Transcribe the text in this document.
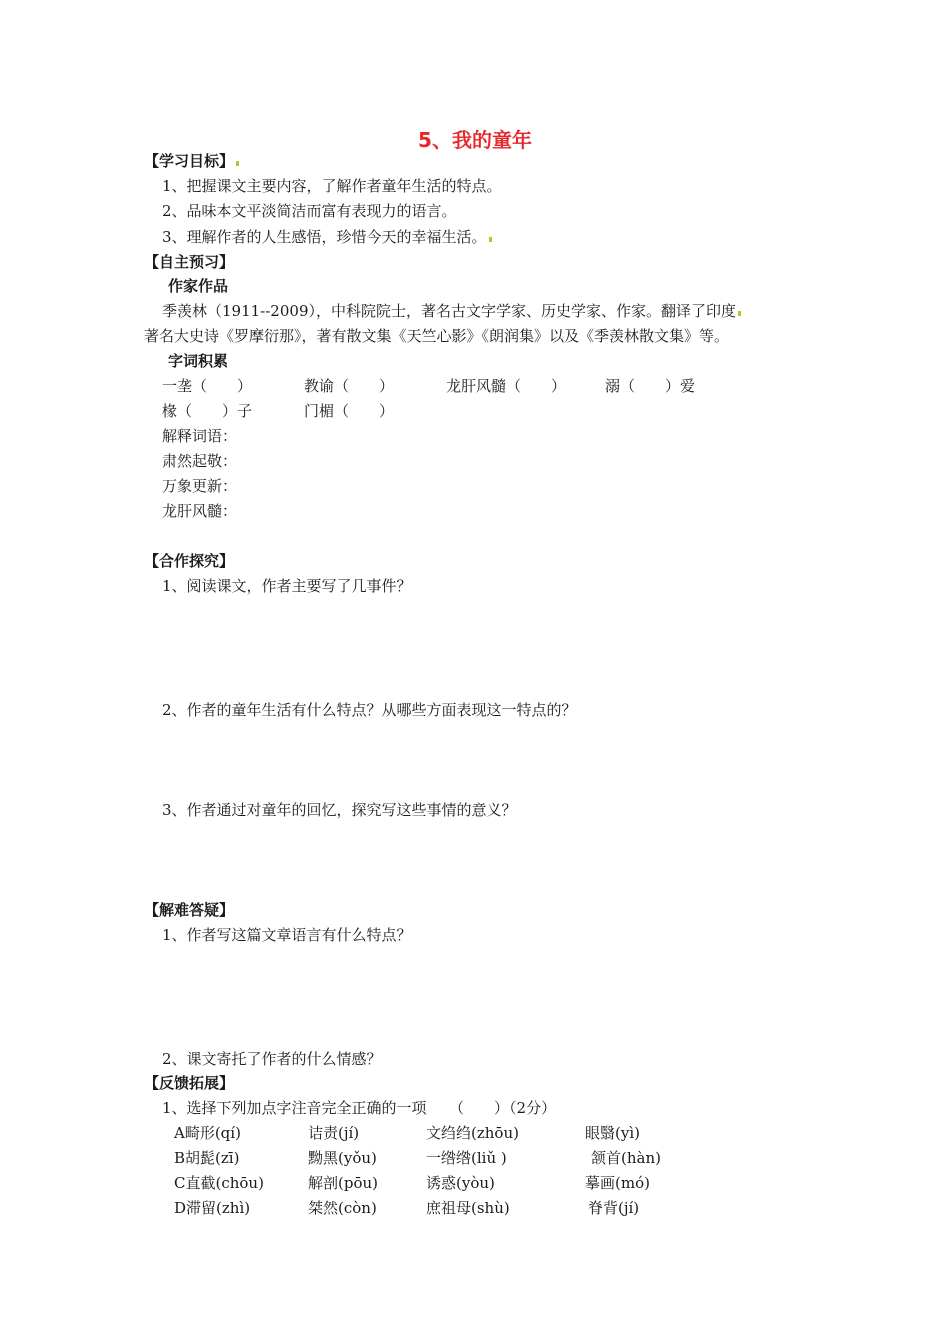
5、我的童年
【学习目标】
1、把握课文主要内容，了解作者童年生活的特点。
2、品味本文平淡简洁而富有表现力的语言。
3、理解作者的人生感悟，珍惜今天的幸福生活。
【自主预习】
作家作品
季羡林（1911--2009），中科院院士，著名古文字学家、历史学家、作家。翻译了印度
著名大史诗《罗摩衍那》，著有散文集《天竺心影》《朗润集》以及《季羡林散文集》等。
字词积累
一垄（　　）	教谕（　　）	龙肝风髓（　　）	溺（　　）爱
椽（　　）子	门楣（　　）
解释词语：
肃然起敬：
万象更新：
龙肝风髓：
【合作探究】
1、阅读课文，作者主要写了几事件？
2、作者的童年生活有什么特点？从哪些方面表现这一特点的？
3、作者通过对童年的回忆，探究写这些事情的意义？
【解难答疑】
1、作者写这篇文章语言有什么特点？
2、课文寄托了作者的什么情感？
【反馈拓展】
1、选择下列加点字注音完全正确的一项　　（　　）（2分）
A畸形(qí)	诘责(jí)	文绉绉(zhōu)	眼翳(yì)
B胡髭(zī)	黝黑(yǒu)	一绺绺(liǔ )	颔首(hàn)
C直截(chōu)	解剖(pōu)	诱惑(yòu)	摹画(mó)
D滞留(zhì)	桀然(còn)	庶祖母(shù)	脊背(jí)
